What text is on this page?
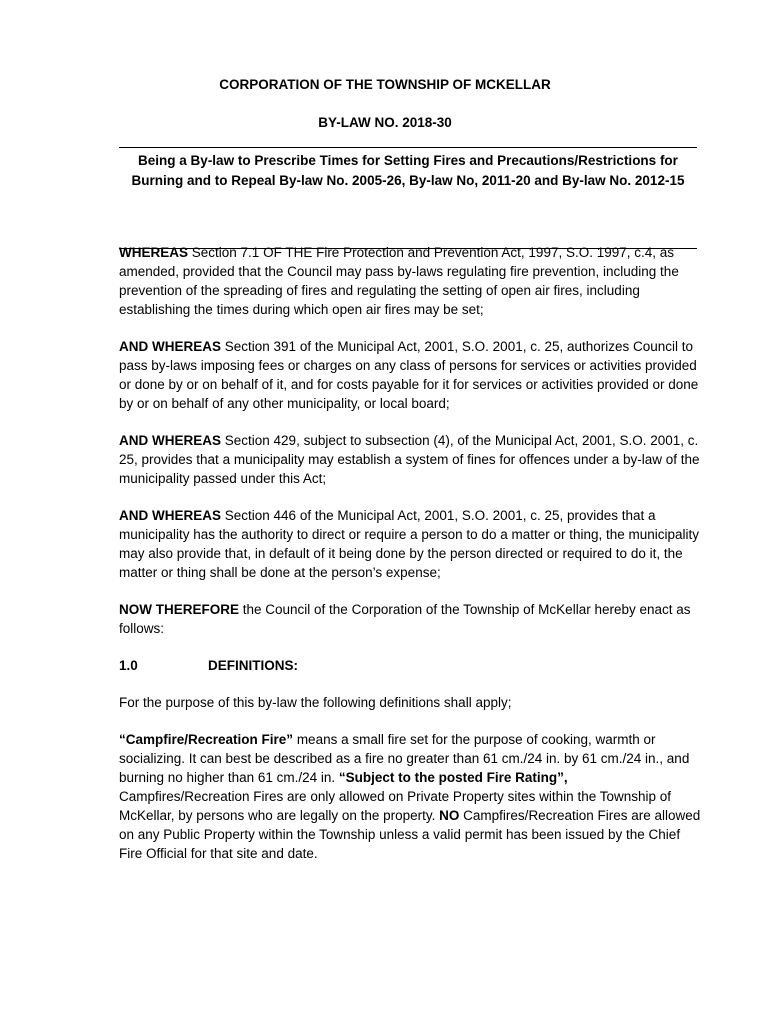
CORPORATION OF THE TOWNSHIP OF MCKELLAR
BY-LAW NO. 2018-30

Being a By-law to Prescribe Times for Setting Fires and Precautions/Restrictions for Burning and to Repeal By-law No. 2005-26, By-law No, 2011-20 and By-law No. 2012-15

WHEREAS Section 7.1 OF THE Fire Protection and Prevention Act, 1997, S.O. 1997, c.4, as amended, provided that the Council may pass by-laws regulating fire prevention, including the prevention of the spreading of fires and regulating the setting of open air fires, including establishing the times during which open air fires may be set;

AND WHEREAS Section 391 of the Municipal Act, 2001, S.O. 2001, c. 25, authorizes Council to pass by-laws imposing fees or charges on any class of persons for services or activities provided or done by or on behalf of it, and for costs payable for it for services or activities provided or done by or on behalf of any other municipality, or local board;

AND WHEREAS Section 429, subject to subsection (4), of the Municipal Act, 2001, S.O. 2001, c. 25, provides that a municipality may establish a system of fines for offences under a by-law of the municipality passed under this Act;

AND WHEREAS Section 446 of the Municipal Act, 2001, S.O. 2001, c. 25, provides that a municipality has the authority to direct or require a person to do a matter or thing, the municipality may also provide that, in default of it being done by the person directed or required to do it, the matter or thing shall be done at the person’s expense;

NOW THEREFORE the Council of the Corporation of the Township of McKellar hereby enact as follows:

1.0	DEFINITIONS:

For the purpose of this by-law the following definitions shall apply;

“Campfire/Recreation Fire” means a small fire set for the purpose of cooking, warmth or socializing. It can best be described as a fire no greater than 61 cm./24 in. by 61 cm./24 in., and burning no higher than 61 cm./24 in. “Subject to the posted Fire Rating”, Campfires/Recreation Fires are only allowed on Private Property sites within the Township of McKellar, by persons who are legally on the property. NO Campfires/Recreation Fires are allowed on any Public Property within the Township unless a valid permit has been issued by the Chief Fire Official for that site and date.
